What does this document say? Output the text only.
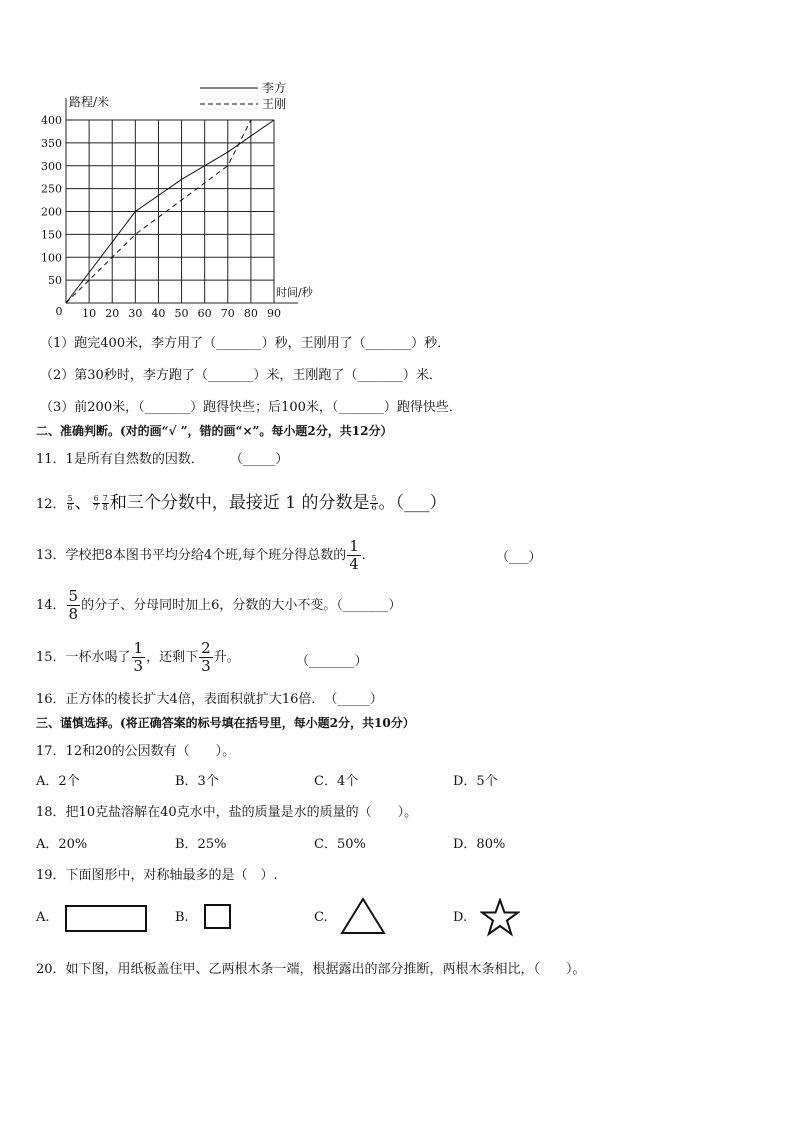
10 20 30 40 50 60 70 80 90
50
100
150
200
250
300
350
400
0
路程/米
时间/秒
李方
王刚
（1）跑完400米，李方用了（_______）秒，王刚用了（_______）秒．
（2）第30秒时，李方跑了（_______）米，王刚跑了（_______）米．
（3）前200米，（_______）跑得快些；后100米，（_______）跑得快些．
二、准确判断。(对的画“√ ”，错的画“×”。每小题2分，共12分）
11．1是所有自然数的因数．　　　（_____）
12． $\frac{5}{6}$ 、 $\frac{6}{7} \frac{7}{8}$ 和三个分数中，最接近 1 的分数是 $\frac{5}{6}$ 。（___）
13．学校把8本图书平均分给4个班,每个班分得总数的 $\frac{1}{4}$ ．	（___）
14． $\frac{5}{8}$ 的分子、分母同时加上6，分数的大小不变。（_______）
15．一杯水喝了 $\frac{1}{3}$ ，还剩下 $\frac{2}{3}$ 升。	（_______）
16．正方体的棱长扩大4倍，表面积就扩大16倍．　（_____）
三、谨慎选择。(将正确答案的标号填在括号里，每小题2分，共10分）
17．12和20的公因数有（　　）。
A．2个	B．3个	C．4个	D．5个
18．把10克盐溶解在40克水中，盐的质量是水的质量的（　　）。
A．20%	B．25%	C．50%	D．80%
19．下面图形中，对称轴最多的是（　）.
A.	B.	C.	D.
20．如下图，用纸板盖住甲、乙两根木条一端，根据露出的部分推断，两根木条相比，（　　）。
